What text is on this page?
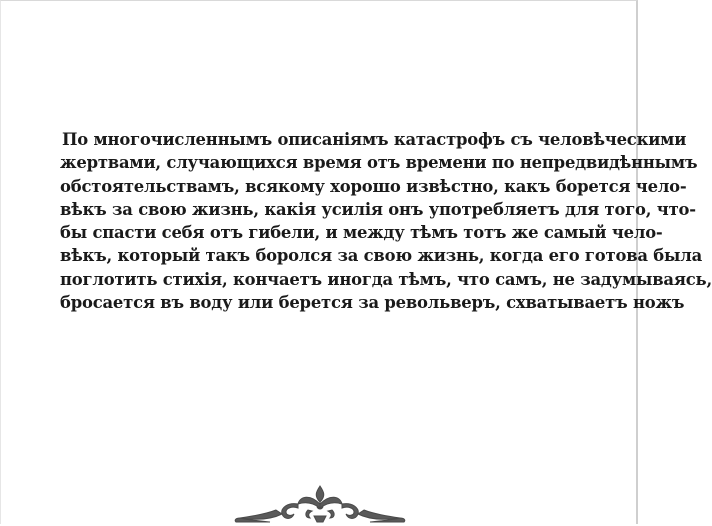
По многочисленнымъ описаніямъ катастрофъ съ человѣческими
жертвами, случающихся время отъ времени по непредвидѣннымъ
обстоятельствамъ, всякому хорошо извѣстно, какъ борется чело-
вѣкъ за свою жизнь, какія усилія онъ употребляетъ для того, что-
бы спасти себя отъ гибели, и между тѣмъ тотъ же самый чело-
вѣкъ, который такъ боролся за свою жизнь, когда его готова была
поглотить стихія, кончаетъ иногда тѣмъ, что самъ, не задумываясь,
бросается въ воду или берется за револьверъ, схватываетъ ножъ
